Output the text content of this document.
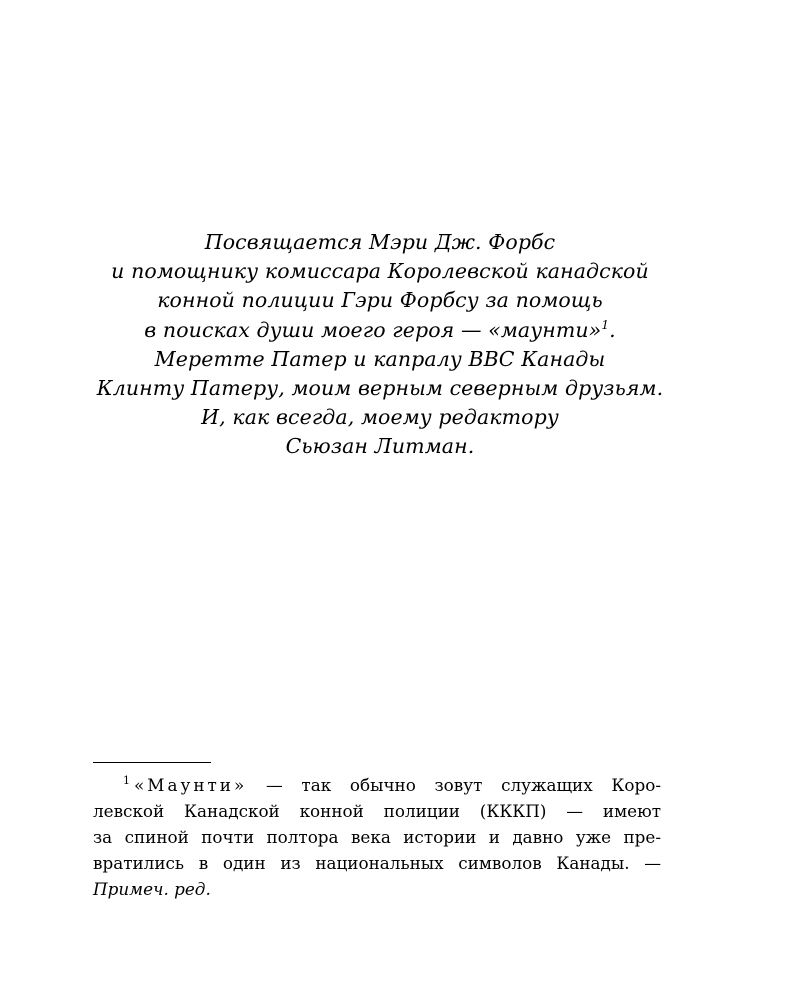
Посвящается Мэри Дж. Форбс
и помощнику комиссара Королевской канадской
конной полиции Гэри Форбсу за помощь
в поисках души моего героя — «маунти»$^1$.
Меретте Патер и капралу ВВС Канады
Клинту Патеру, моим верным северным друзьям.
И, как всегда, моему редактору
Сьюзан Литман.
$^1$ «Маунти» — так обычно зовут служащих Коро-
левской Канадской конной полиции (КККП) — имеют
за спиной почти полтора века истории и давно уже пре-
вратились в один из национальных символов Канады. —
Примеч. ред.
